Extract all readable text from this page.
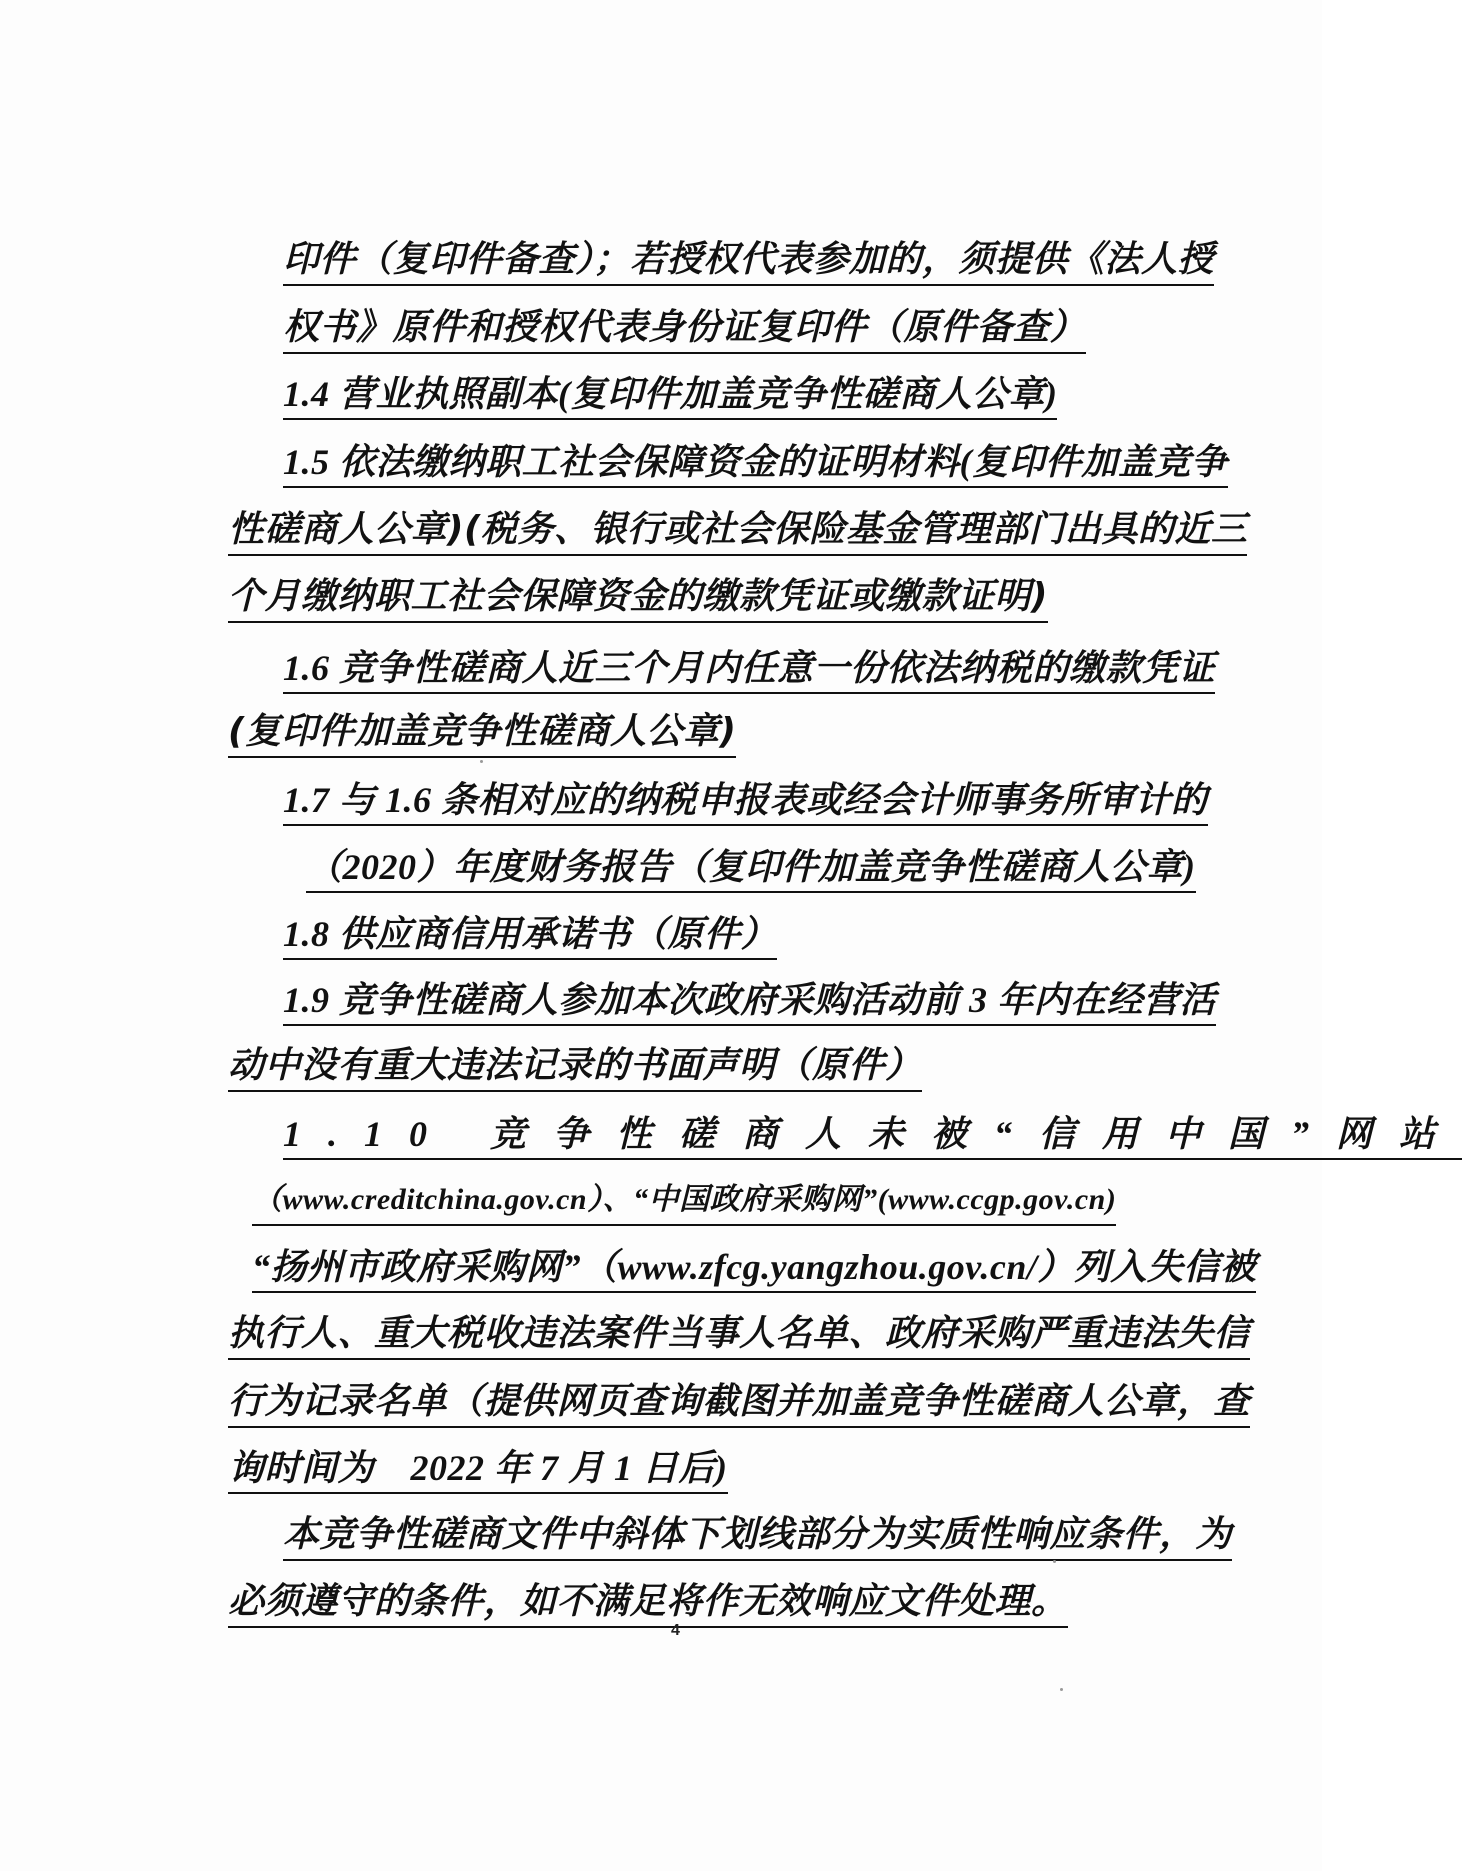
印件（复印件备查）；若授权代表参加的，须提供《法人授
权书》原件和授权代表身份证复印件（原件备查）
1.4 营业执照副本(复印件加盖竞争性磋商人公章)
1.5 依法缴纳职工社会保障资金的证明材料(复印件加盖竞争
性磋商人公章)(税务、银行或社会保险基金管理部门出具的近三
个月缴纳职工社会保障资金的缴款凭证或缴款证明)
1.6 竞争性磋商人近三个月内任意一份依法纳税的缴款凭证
(复印件加盖竞争性磋商人公章)
1.7 与 1.6 条相对应的纳税申报表或经会计师事务所审计的
（2020）年度财务报告（复印件加盖竞争性磋商人公章)
1.8 供应商信用承诺书（原件）
1.9 竞争性磋商人参加本次政府采购活动前 3 年内在经营活
动中没有重大违法记录的书面声明（原件）
1.10 竞争性磋商人未被“信用中国”网站
（www.creditchina.gov.cn）、“中国政府采购网”(www.ccgp.gov.cn)
“扬州市政府采购网”（www.zfcg.yangzhou.gov.cn/）列入失信被
执行人、重大税收违法案件当事人名单、政府采购严重违法失信
行为记录名单（提供网页查询截图并加盖竞争性磋商人公章，查
询时间为　2022 年 7 月 1 日后)
本竞争性磋商文件中斜体下划线部分为实质性响应条件，为
必须遵守的条件，如不满足将作无效响应文件处理。
4
